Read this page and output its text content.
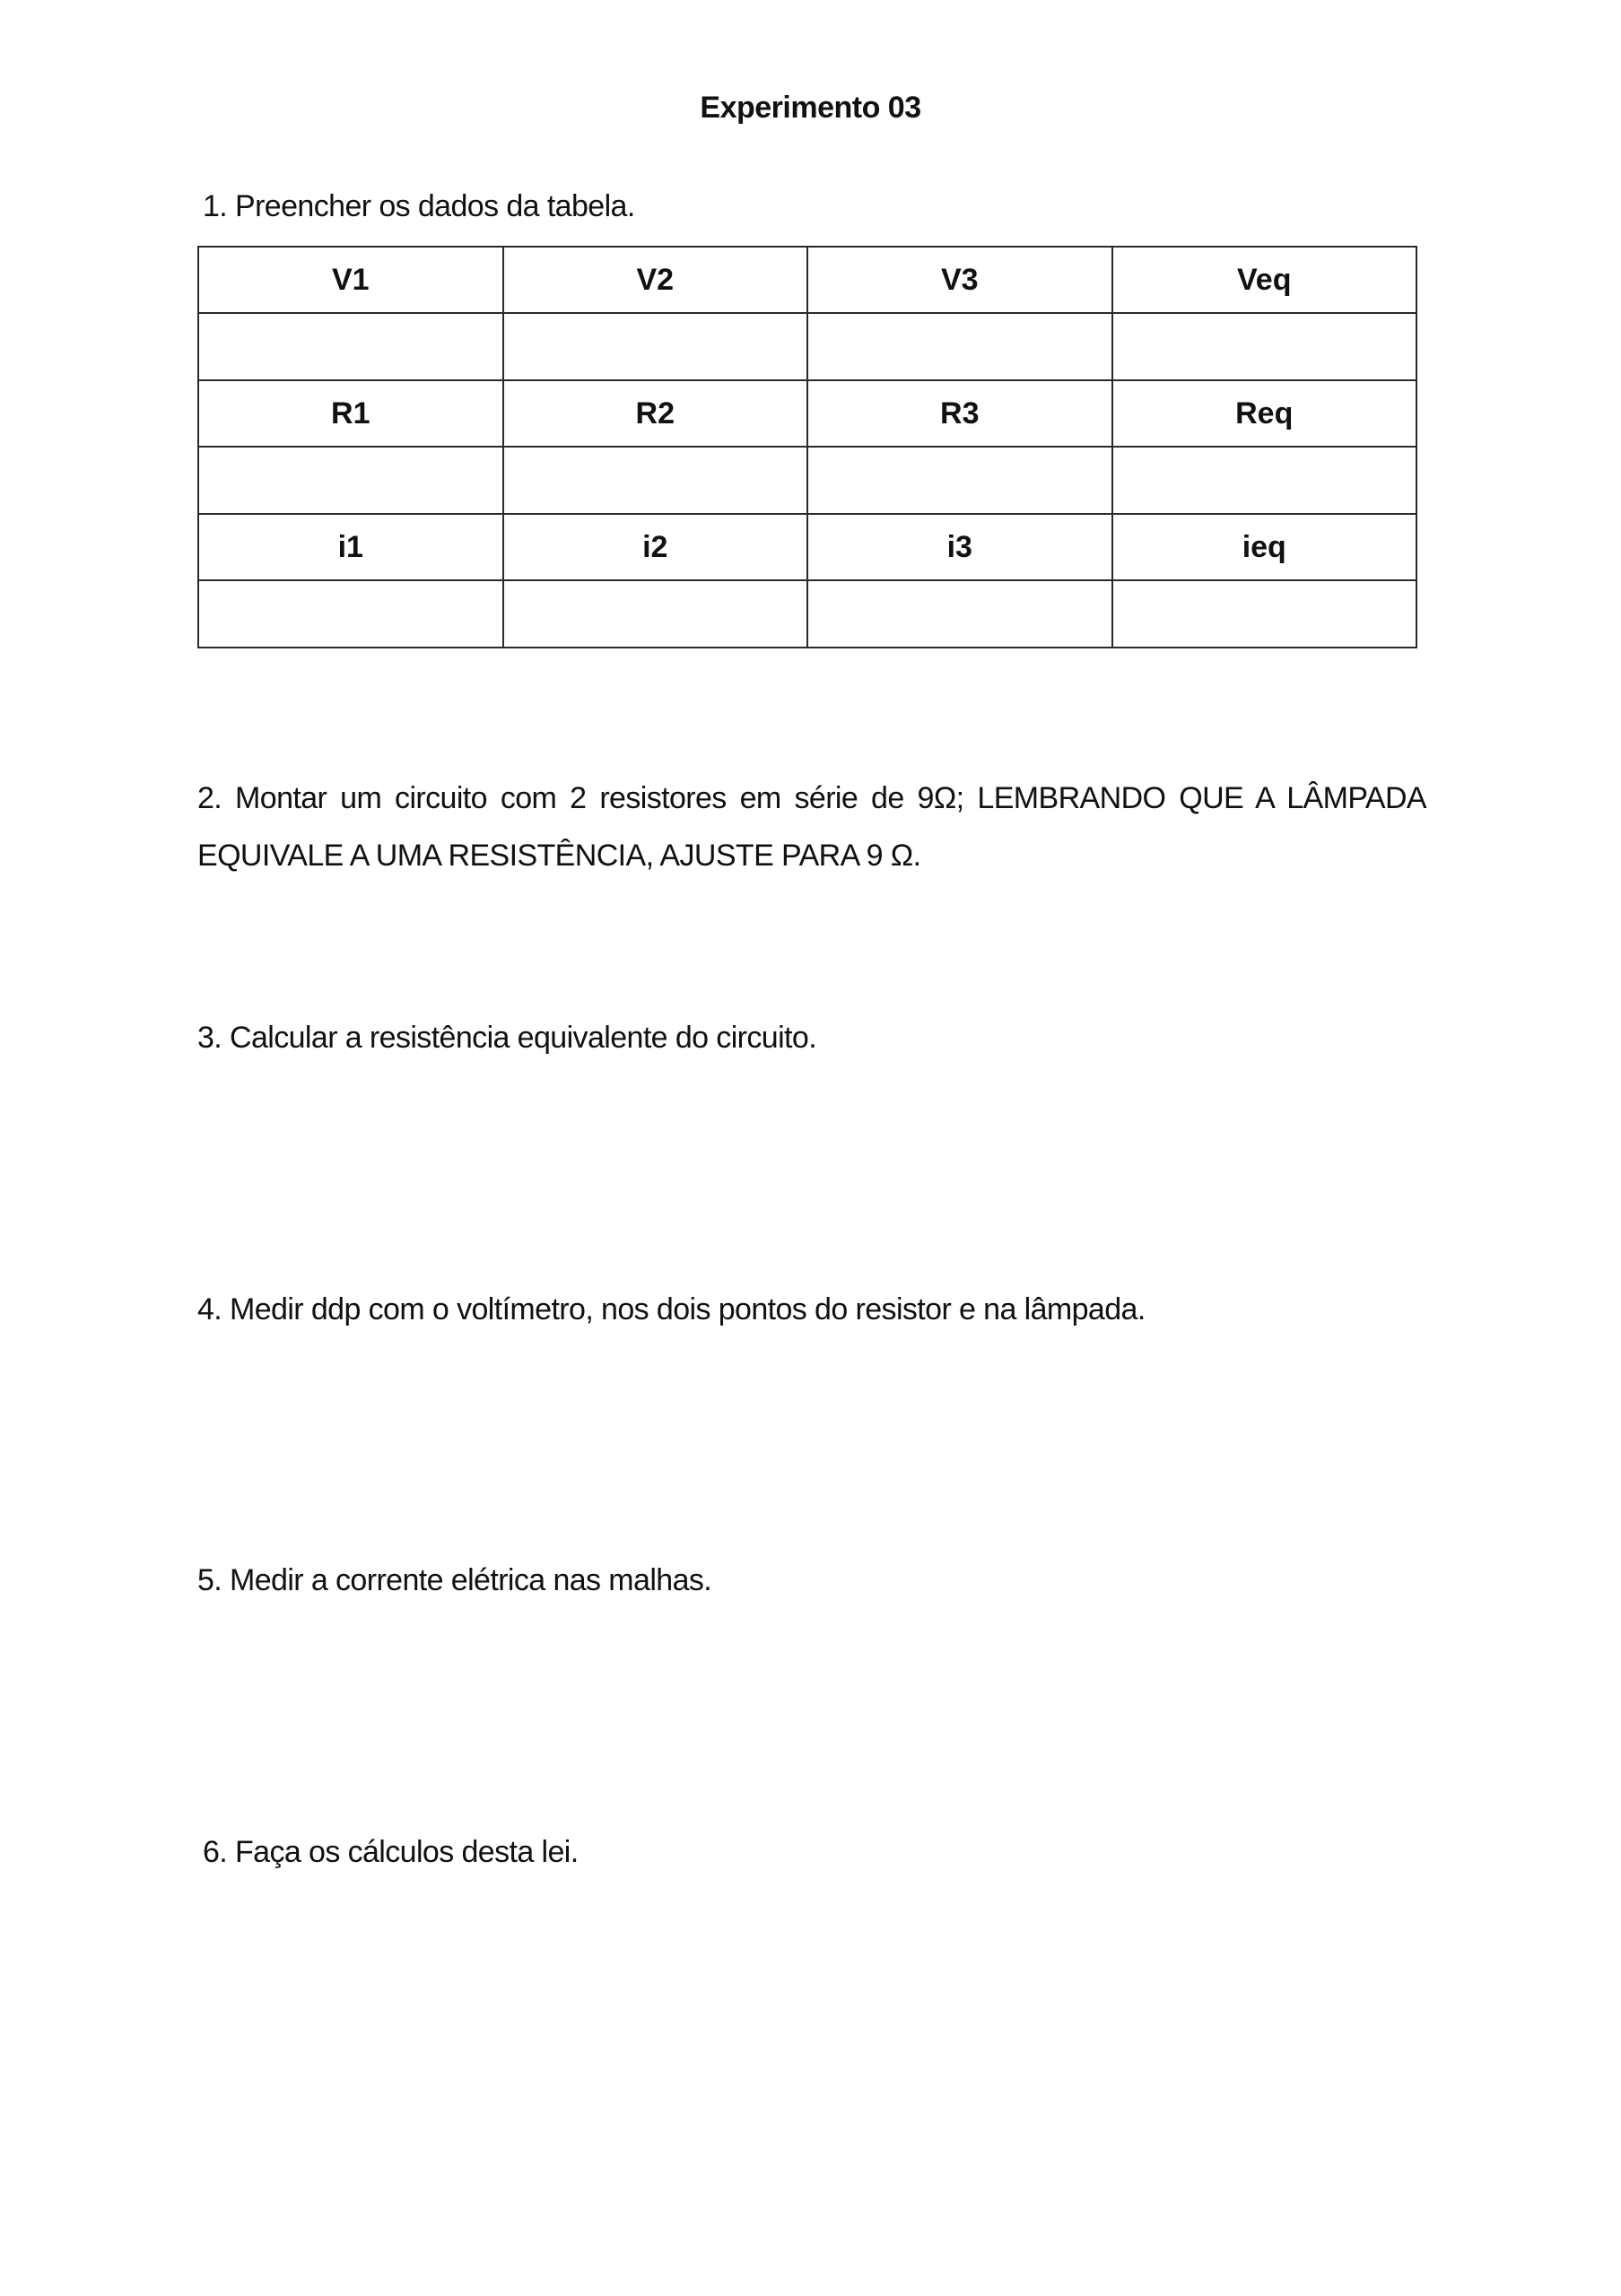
Experimento 03
1. Preencher os dados da tabela.
V1	V2	V3	Veq

R1	R2	R3	Req

i1	i2	i3	ieq

2. Montar um circuito com 2 resistores em série de 9Ω; LEMBRANDO QUE A LÂMPADA EQUIVALE A UMA RESISTÊNCIA, AJUSTE PARA 9 Ω.
3. Calcular a resistência equivalente do circuito.
4. Medir ddp com o voltímetro, nos dois pontos do resistor e na lâmpada.
5. Medir a corrente elétrica nas malhas.
6. Faça os cálculos desta lei.
